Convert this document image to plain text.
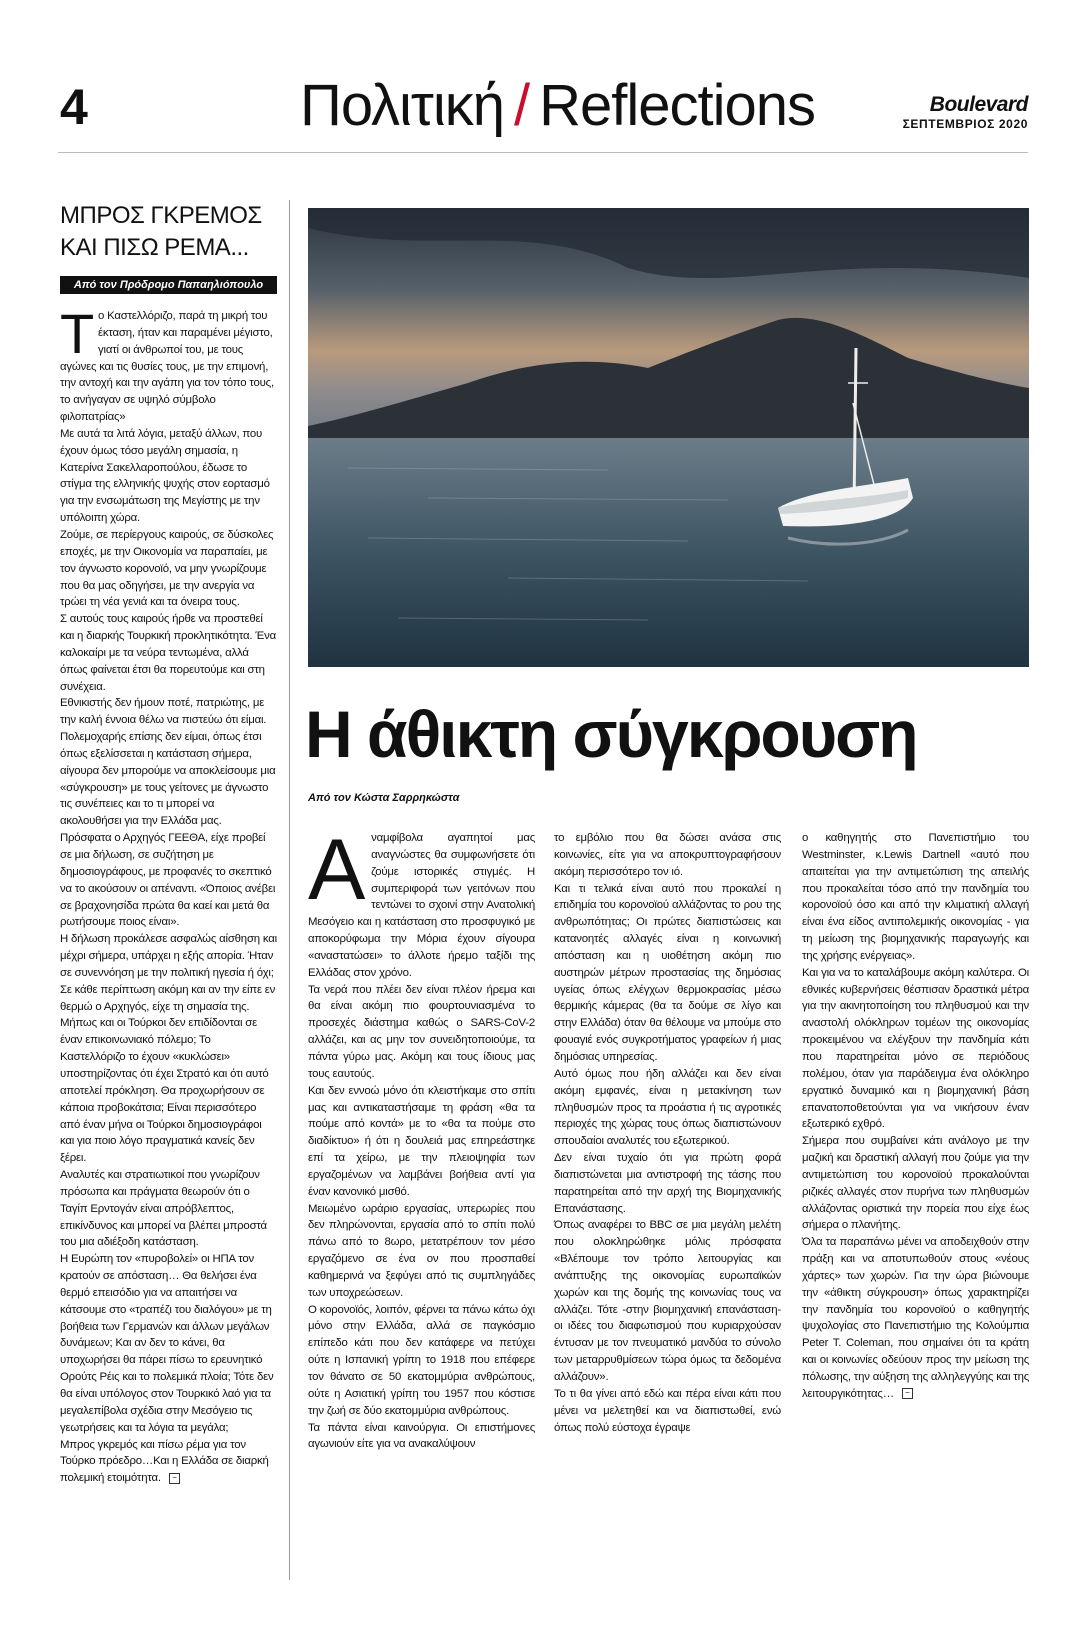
4	Πολιτική / Reflections	Boulevard
ΣΕΠΤΕΜΒΡΙΟΣ 2020
ΜΠΡΟΣ ΓΚΡΕΜΟΣ
ΚΑΙ ΠΙΣΩ ΡΕΜΑ...
Από τον Πρόδρομο Παπαηλιόπουλο

Το Καστελλόριζο, παρά τη μικρή του έκταση, ήταν και παραμένει μέγιστο, γιατί οι άνθρωποί του, με τους αγώνες και τις θυσίες τους, με την επιμονή, την αντοχή και την αγάπη για τον τόπο τους, το ανήγαγαν σε υψηλό σύμβολο φιλοπατρίας»

Με αυτά τα λιτά λόγια, μεταξύ άλλων, που έχουν όμως τόσο μεγάλη σημασία, η Κατερίνα Σακελλαροπούλου, έδωσε το στίγμα της ελληνικής ψυχής στον εορτασμό για την ενσωμάτωση της Μεγίστης με την υπόλοιπη χώρα.

Ζούμε, σε περίεργους καιρούς, σε δύσκολες εποχές, με την Οικονομία να παραπαίει, με τον άγνωστο κορονοϊό, να μην γνωρίζουμε που θα μας οδηγήσει, με την ανεργία να τρώει τη νέα γενιά και τα όνειρα τους.

Σ αυτούς τους καιρούς ήρθε να προστεθεί και η διαρκής Τουρκική προκλητικότητα. Ένα καλοκαίρι με τα νεύρα τεντωμένα, αλλά όπως φαίνεται έτσι θα πορευτούμε και στη συνέχεια.

Εθνικιστής δεν ήμουν ποτέ, πατριώτης, με την καλή έννοια θέλω να πιστεύω ότι είμαι. Πολεμοχαρής επίσης δεν είμαι, όπως έτσι όπως εξελίσσεται η κατάσταση σήμερα, αίγουρα δεν μπορούμε να αποκλείσουμε μια «σύγκρουση» με τους γείτονες με άγνωστο τις συνέπειες και το τι μπορεί να ακολουθήσει για την Ελλάδα μας.

Πρόσφατα ο Αρχηγός ΓΕΕΘΑ, είχε προβεί σε μια δήλωση, σε συζήτηση με δημοσιογράφους, με προφανές το σκεπτικό να το ακούσουν οι απέναντι. «Όποιος ανέβει σε βραχονησίδα πρώτα θα καεί και μετά θα ρωτήσουμε ποιος είναι».

Η δήλωση προκάλεσε ασφαλώς αίσθηση και μέχρι σήμερα, υπάρχει η εξής απορία. Ήταν σε συνεννόηση με την πολιτική ηγεσία ή όχι; Σε κάθε περίπτωση ακόμη και αν την είπε εν θερμώ ο Αρχηγός, είχε τη σημασία της. Μήπως και οι Τούρκοι δεν επιδίδονται σε έναν επικοινωνιακό πόλεμο; Το Καστελλόριζο το έχουν «κυκλώσει» υποστηρίζοντας ότι έχει Στρατό και ότι αυτό αποτελεί πρόκληση. Θα προχωρήσουν σε κάποια προβοκάτσια; Είναι περισσότερο από έναν μήνα οι Τούρκοι δημοσιογράφοι και για ποιο λόγο πραγματικά κανείς δεν ξέρει.

Αναλυτές και στρατιωτικοί που γνωρίζουν πρόσωπα και πράγματα θεωρούν ότι ο Ταγίπ Ερντογάν είναι απρόβλεπτος, επικίνδυνος και μπορεί να βλέπει μπροστά του μια αδιέξοδη κατάσταση.

Η Ευρώπη τον «πυροβολεί» οι ΗΠΑ τον κρατούν σε απόσταση… Θα θελήσει ένα θερμό επεισόδιο για να απαιτήσει να κάτσουμε στο «τραπέζι του διαλόγου» με τη βοήθεια των Γερμανών και άλλων μεγάλων δυνάμεων; Και αν δεν το κάνει, θα υποχωρήσει θα πάρει πίσω το ερευνητικό Ορούτς Ρέις και το πολεμικά πλοία; Τότε δεν θα είναι υπόλογος στον Τουρκικό λαό για τα μεγαλεπίβολα σχέδια στην Μεσόγειο τις γεωτρήσεις και τα λόγια τα μεγάλα;

Μπρος γκρεμός και πίσω ρέμα για τον Τούρκο πρόεδρο…Και η Ελλάδα σε διαρκή πολεμική ετοιμότητα. −

Η άθικτη σύγκρουση
Από τον Κώστα Σαρρηκώστα

Αναμφίβολα αγαπητοί μας αναγνώστες θα συμφωνήσετε ότι ζούμε ιστορικές στιγμές. Η συμπεριφορά των γειτόνων που τεντώνει το σχοινί στην Ανατολική Μεσόγειο και η κατάσταση στο προσφυγικό με αποκορύφωμα την Μόρια έχουν σίγουρα «αναστατώσει» το άλλοτε ήρεμο ταξίδι της Ελλάδας στον χρόνο.

Τα νερά που πλέει δεν είναι πλέον ήρεμα και θα είναι ακόμη πιο φουρτουνιασμένα το προσεχές διάστημα καθώς ο SARS-CoV-2 αλλάζει, και ας μην τον συνειδητοποιούμε, τα πάντα γύρω μας. Ακόμη και τους ίδιους μας τους εαυτούς.

Και δεν εννοώ μόνο ότι κλειστήκαμε στο σπίτι μας και αντικαταστήσαμε τη φράση «θα τα πούμε από κοντά» με το «θα τα πούμε στο διαδίκτυο» ή ότι η δουλειά μας επηρεάστηκε επί τα χείρω, με την πλειοψηφία των εργαζομένων να λαμβάνει βοήθεια αντί για έναν κανονικό μισθό.

Μειωμένο ωράριο εργασίας, υπερωρίες που δεν πληρώνονται, εργασία από το σπίτι πολύ πάνω από το 8ωρο, μετατρέπουν τον μέσο εργαζόμενο σε ένα ον που προσπαθεί καθημερινά να ξεφύγει από τις συμπληγάδες των υποχρεώσεων.

Ο κορονοϊός, λοιπόν, φέρνει τα πάνω κάτω όχι μόνο στην Ελλάδα, αλλά σε παγκόσμιο επίπεδο κάτι που δεν κατάφερε να πετύχει ούτε η Ισπανική γρίπη το 1918 που επέφερε τον θάνατο σε 50 εκατομμύρια ανθρώπους, ούτε η Ασιατική γρίπη του 1957 που κόστισε την ζωή σε δύο εκατομμύρια ανθρώπους.

Τα πάντα είναι καινούργια. Οι επιστήμονες αγωνιούν είτε για να ανακαλύψουν

το εμβόλιο που θα δώσει ανάσα στις κοινωνίες, είτε για να αποκρυπτογραφήσουν ακόμη περισσότερο τον ιό.

Και τι τελικά είναι αυτό που προκαλεί η επιδημία του κορονοϊού αλλάζοντας το ρου της ανθρωπότητας; Οι πρώτες διαπιστώσεις και κατανοητές αλλαγές είναι η κοινωνική απόσταση και η υιοθέτηση ακόμη πιο αυστηρών μέτρων προστασίας της δημόσιας υγείας όπως ελέγχων θερμοκρασίας μέσω θερμικής κάμερας (θα τα δούμε σε λίγο και στην Ελλάδα) όταν θα θέλουμε να μπούμε στο φουαγιέ ενός συγκροτήματος γραφείων ή μιας δημόσιας υπηρεσίας.

Αυτό όμως που ήδη αλλάζει και δεν είναι ακόμη εμφανές, είναι η μετακίνηση των πληθυσμών προς τα προάστια ή τις αγροτικές περιοχές της χώρας τους όπως διαπιστώνουν σπουδαίοι αναλυτές του εξωτερικού.

Δεν είναι τυχαίο ότι για πρώτη φορά διαπιστώνεται μια αντιστροφή της τάσης που παρατηρείται από την αρχή της Βιομηχανικής Επανάστασης.

Όπως αναφέρει το BBC σε μια μεγάλη μελέτη που ολοκληρώθηκε μόλις πρόσφατα «Βλέπουμε τον τρόπο λειτουργίας και ανάπτυξης της οικονομίας ευρωπαϊκών χωρών και της δομής της κοινωνίας τους να αλλάζει. Τότε -στην βιομηχανική επανάσταση- οι ιδέες του διαφωτισμού που κυριαρχούσαν έντυσαν με τον πνευματικό μανδύα το σύνολο των μεταρρυθμίσεων τώρα όμως τα δεδομένα αλλάζουν».

Το τι θα γίνει από εδώ και πέρα είναι κάτι που μένει να μελετηθεί και να διαπιστωθεί, ενώ όπως πολύ εύστοχα έγραψε

ο καθηγητής στο Πανεπιστήμιο του Westminster, κ.Lewis Dartnell «αυτό που απαιτείται για την αντιμετώπιση της απειλής που προκαλείται τόσο από την πανδημία του κορονοϊού όσο και από την κλιματική αλλαγή είναι ένα είδος αντιπολεμικής οικονομίας - για τη μείωση της βιομηχανικής παραγωγής και της χρήσης ενέργειας».

Και για να το καταλάβουμε ακόμη καλύτερα. Οι εθνικές κυβερνήσεις θέσπισαν δραστικά μέτρα για την ακινητοποίηση του πληθυσμού και την αναστολή ολόκληρων τομέων της οικονομίας προκειμένου να ελέγξουν την πανδημία κάτι που παρατηρείται μόνο σε περιόδους πολέμου, όταν για παράδειγμα ένα ολόκληρο εργατικό δυναμικό και η βιομηχανική βάση επανατοποθετούνται για να νικήσουν έναν εξωτερικό εχθρό.

Σήμερα που συμβαίνει κάτι ανάλογο με την μαζική και δραστική αλλαγή που ζούμε για την αντιμετώπιση του κορονοϊού προκαλούνται ριζικές αλλαγές στον πυρήνα των πληθυσμών αλλάζοντας οριστικά την πορεία που είχε έως σήμερα ο πλανήτης.

Όλα τα παραπάνω μένει να αποδειχθούν στην πράξη και να αποτυπωθούν στους «νέους χάρτες» των χωρών. Για την ώρα βιώνουμε την «άθικτη σύγκρουση» όπως χαρακτηρίζει την πανδημία του κορονοϊού ο καθηγητής ψυχολογίας στο Πανεπιστήμιο της Κολούμπια Peter T. Coleman, που σημαίνει ότι τα κράτη και οι κοινωνίες οδεύουν προς την μείωση της πόλωσης, την αύξηση της αλληλεγγύης και της λειτουργικότητας… −
